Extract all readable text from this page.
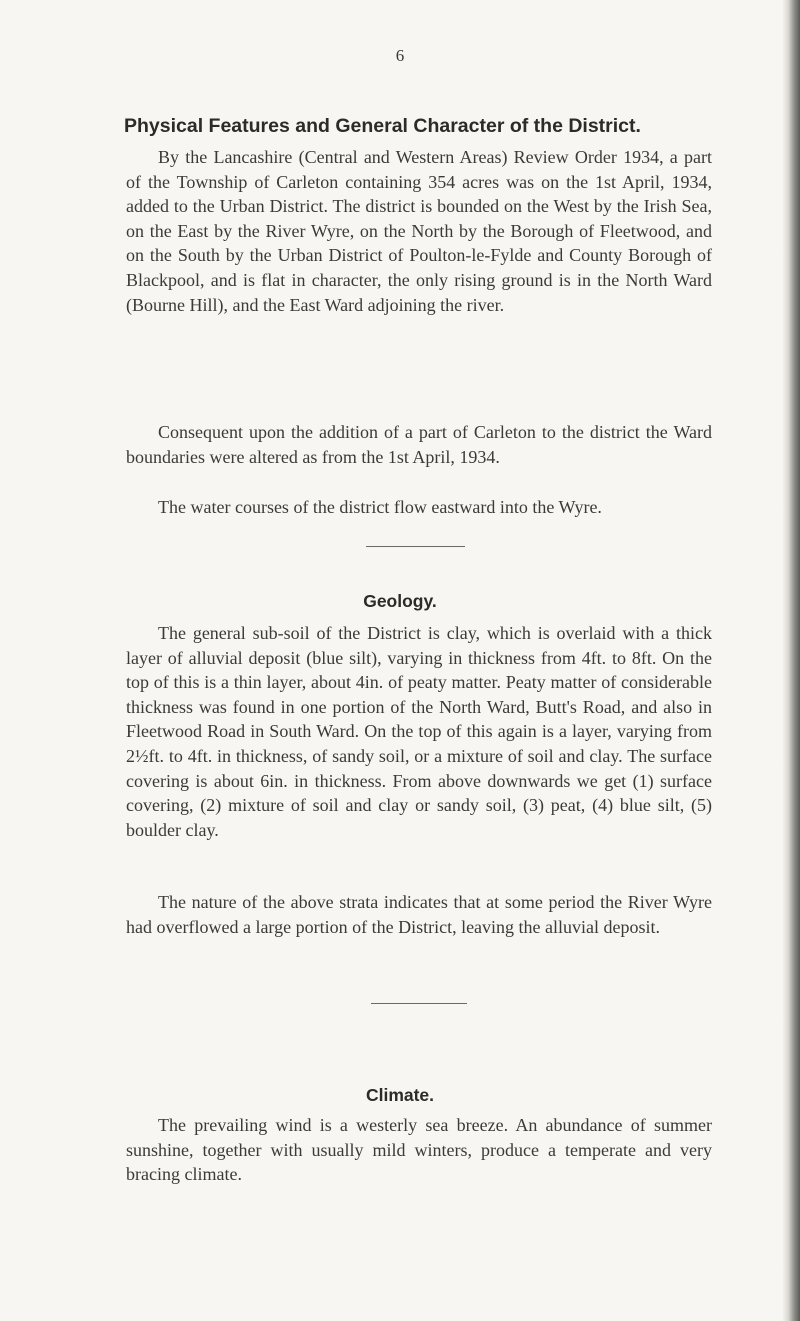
6
Physical Features and General Character of the District.

By the Lancashire (Central and Western Areas) Review Order 1934, a part of the Township of Carleton containing 354 acres was on the 1st April, 1934, added to the Urban District. The district is bounded on the West by the Irish Sea, on the East by the River Wyre, on the North by the Borough of Fleetwood, and on the South by the Urban District of Poulton-le-Fylde and County Borough of Blackpool, and is flat in character, the only rising ground is in the North Ward (Bourne Hill), and the East Ward adjoining the river.

Consequent upon the addition of a part of Carleton to the district the Ward boundaries were altered as from the 1st April, 1934.

The water courses of the district flow eastward into the Wyre.

Geology.

The general sub-soil of the District is clay, which is overlaid with a thick layer of alluvial deposit (blue silt), varying in thickness from 4ft. to 8ft. On the top of this is a thin layer, about 4in. of peaty matter. Peaty matter of considerable thickness was found in one portion of the North Ward, Butt's Road, and also in Fleetwood Road in South Ward. On the top of this again is a layer, varying from 2½ft. to 4ft. in thickness, of sandy soil, or a mixture of soil and clay. The surface covering is about 6in. in thickness. From above downwards we get (1) surface covering, (2) mixture of soil and clay or sandy soil, (3) peat, (4) blue silt, (5) boulder clay.

The nature of the above strata indicates that at some period the River Wyre had overflowed a large portion of the District, leaving the alluvial deposit.

Climate.

The prevailing wind is a westerly sea breeze. An abundance of summer sunshine, together with usually mild winters, produce a temperate and very bracing climate.
